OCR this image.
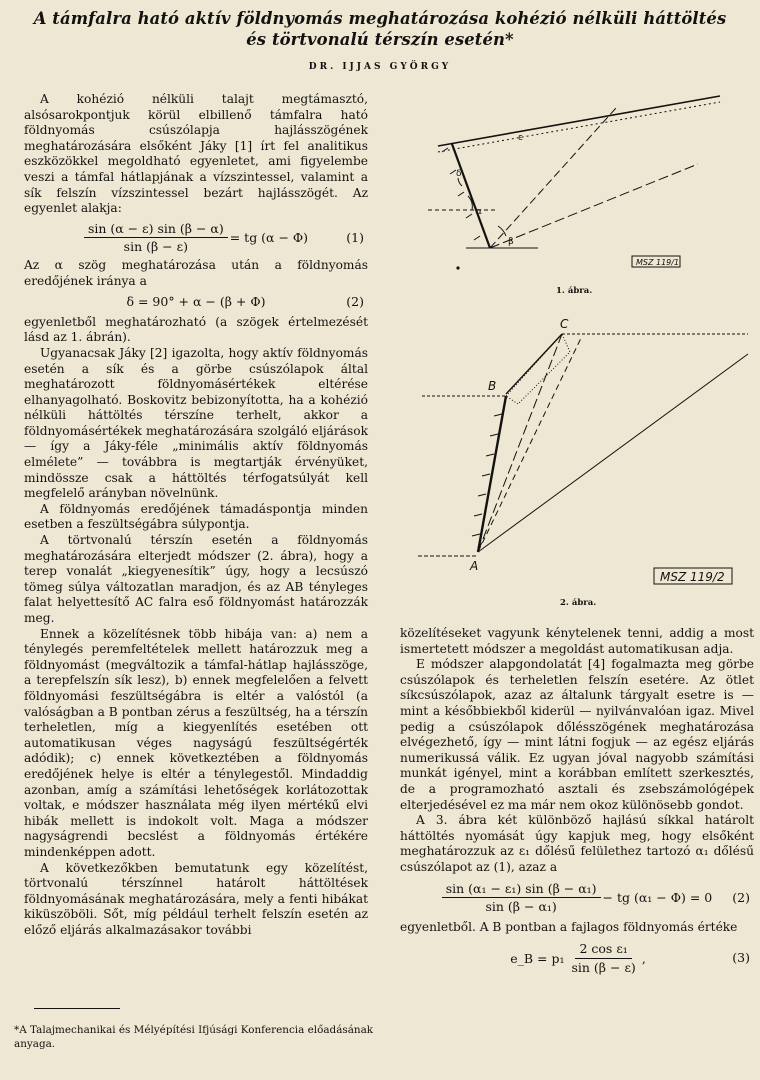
A támfalra ható aktív földnyomás meghatározása kohézió nélküli háttöltés
és törtvonalú térszín esetén*
DR. IJJAS GYÖRGY

A kohézió nélküli talajt megtámasztó, alsósarokpontjuk körül elbillenő támfalra ható földnyomás csúszólapja hajlásszögének meghatározására elsőként Jáky [1] írt fel analitikus eszközökkel megoldható egyenletet, ami figyelembe veszi a támfal hátlapjának a vízszintessel, valamint a sík felszín vízszintessel bezárt hajlásszögét. Az egyenlet alakja:

$\frac{\sin (\alpha - \varepsilon) \sin (\beta - \alpha)}{\sin (\beta - \varepsilon)}$ = tg (α − Φ)	(1)

Az α szög meghatározása után a földnyomás eredőjének iránya a

δ = 90° + α − (β + Φ)	(2)

egyenletből meghatározható (a szögek értelmezését lásd az 1. ábrán).

Ugyanacsak Jáky [2] igazolta, hogy aktív földnyomás esetén a sík és a görbe csúszólapok által meghatározott földnyomásértékek eltérése elhanyagolható. Boskovitz bebizonyította, ha a kohézió nélküli háttöltés térszíne terhelt, akkor a földnyomásértékek meghatározására szolgáló eljárások — így a Jáky-féle „minimális aktív földnyomás elmélete” — továbbra is megtartják érvényüket, mindössze csak a háttöltés térfogatsúlyát kell megfelelő arányban növelnünk.

A földnyomás eredőjének támadáspontja minden esetben a feszültségábra súlypontja.

A törtvonalú térszín esetén a földnyomás meghatározására elterjedt módszer (2. ábra), hogy a terep vonalát „kiegyenesítik” úgy, hogy a lecsúszó tömeg súlya változatlan maradjon, és az AB tényleges falat helyettesítő AC falra eső földnyomást határozzák meg.

Ennek a közelítésnek több hibája van: a) nem a ténylegés peremfeltételek mellett határozzuk meg a földnyomást (megváltozik a támfal-hátlap hajlásszöge, a terepfelszín sík lesz), b) ennek megfelelően a felvett földnyomási feszültségábra is eltér a valóstól (a valóságban a B pontban zérus a feszültség, ha a térszín terheletlen, míg a kiegyenlítés esetében ott automatikusan véges nagyságú feszültségérték adódik); c) ennek következtében a földnyomás eredőjének helye is eltér a ténylegestől. Mindaddig azonban, amíg a számítási lehetőségek korlátozottak voltak, e módszer használata még ilyen mértékű elvi hibák mellett is indokolt volt. Maga a módszer nagyságrendi becslést a földnyomás értékére mindenképpen adott.

A következőkben bemutatunk egy közelítést, törtvonalú térszínnel határolt háttöltések földnyomásának meghatározására, mely a fenti hibákat kiküszöböli. Sőt, míg például terhelt felszín esetén az előző eljárás alkalmazásakor további

*A Talajmechanikai és Mélyépítési Ifjúsági Konferencia előadásának anyaga.
α
β
δ
ε
MSZ 119/1
1. ábra.
A
B
C
MSZ 119/2
2. ábra.

közelítéseket vagyunk kénytelenek tenni, addig a most ismertetett módszer a megoldást automatikusan adja.

E módszer alapgondolatát [4] fogalmazta meg görbe csúszólapok és terheletlen felszín esetére. Az ötlet síkcsúszólapok, azaz az általunk tárgyalt esetre is — mint a későbbiekből kiderül — nyilvánvalóan igaz. Mivel pedig a csúszólapok dőlésszögének meghatározása elvégezhető, így — mint látni fogjuk — az egész eljárás numerikussá válik. Ez ugyan jóval nagyobb számítási munkát igényel, mint a korábban említett szerkesztés, de a programozható asztali és zsebszámológépek elterjedésével ez ma már nem okoz különösebb gondot.

A 3. ábra két különböző hajlású síkkal határolt háttöltés nyomását úgy kapjuk meg, hogy elsőként meghatározzuk az ε₁ dőlésű felülethez tartozó α₁ dőlésű csúszólapot az (1), azaz a

$\frac{\text{sin (α₁ − ε₁) sin (β − α₁)}}{\text{sin (β − α₁)}}$ − tg (α₁ − Φ) = 0 (2)

egyenletből. A B pontban a fajlagos földnyomás értéke

e_B = $p_1 \frac{\text{2 cos ε₁}}{\sin (\beta - \varepsilon)}$ ,	(3)
